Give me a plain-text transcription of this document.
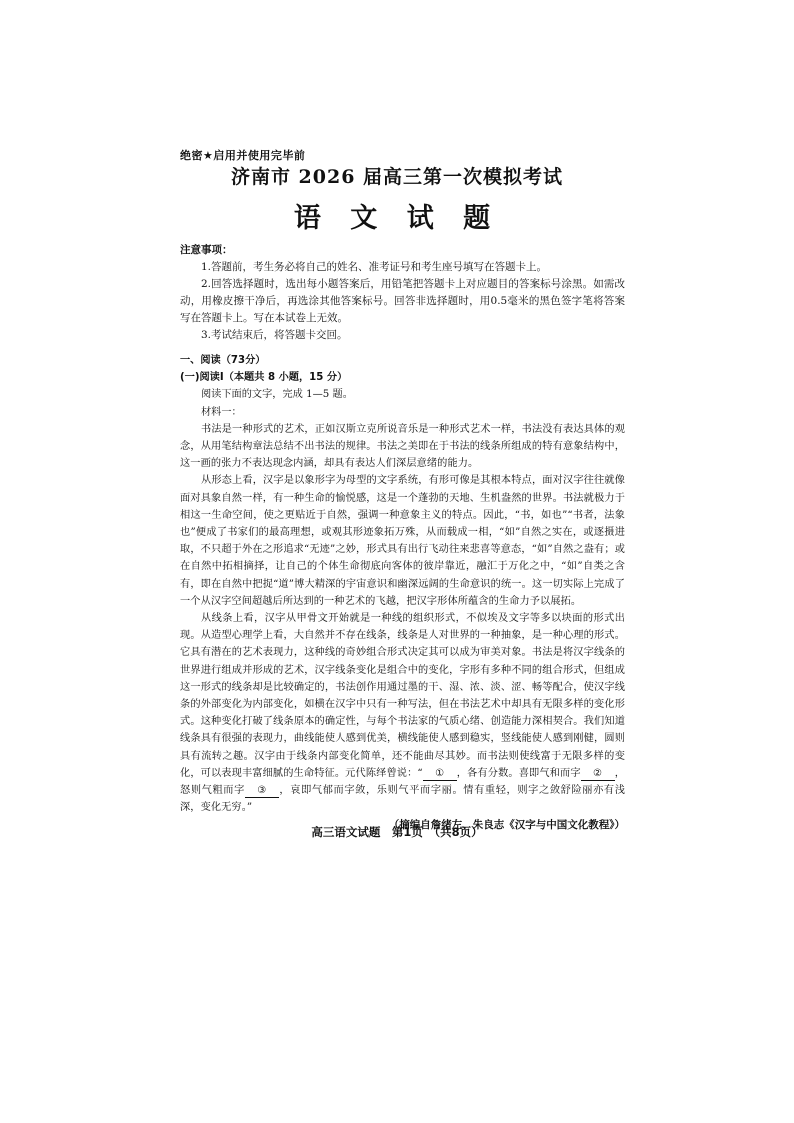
绝密★启用并使用完毕前
济南市 2026 届高三第一次模拟考试
语 文 试 题
注意事项：

1.答题前，考生务必将自己的姓名、准考证号和考生座号填写在答题卡上。

2.回答选择题时，选出每小题答案后，用铅笔把答题卡上对应题目的答案标号涂黑。如需改动，用橡皮擦干净后，再选涂其他答案标号。回答非选择题时，用0.5毫米的黑色签字笔将答案写在答题卡上。写在本试卷上无效。

3.考试结束后，将答题卡交回。

一、阅读（73分）

(一)阅读Ⅰ（本题共 8 小题，15 分）

阅读下面的文字，完成 1—5 题。

材料一：

书法是一种形式的艺术，正如汉斯立克所说音乐是一种形式艺术一样，书法没有表达具体的观念，从用笔结构章法总结不出书法的规律。书法之美即在于书法的线条所组成的特有意象结构中，这一画的张力不表达现念内涵，却具有表达人们深层意绪的能力。

从形态上看，汉字是以象形字为母型的文字系统，有形可像是其根本特点，面对汉字往往就像面对具象自然一样，有一种生命的愉悦感，这是一个蓬勃的天地、生机盎然的世界。书法就极力于相这一生命空间，使之更贴近于自然，强调一种意象主义的特点。因此，“书，如也”“书者，法象也”便成了书家们的最高理想，或观其形迹象拓万殊，从而载成一相，“如”自然之实在，或逐摄进取，不只超于外在之形追求“无迹”之妙，形式具有出行飞动往来悲喜等意态，“如”自然之盎有；或在自然中拓相摘择，让自己的个体生命彻底向客体的彼岸靠近，融汇于万化之中，“如”自类之含有，即在自然中把捉“道”博大精深的宇宙意识和幽深远阔的生命意识的统一。这一切实际上完成了一个从汉字空间超越后所达到的一种艺术的飞越，把汉字形体所蕴含的生命力予以展拓。

从线条上看，汉字从甲骨文开始就是一种线的组织形式，不似埃及文字等多以块面的形式出现。从造型心理学上看，大自然并不存在线条，线条是人对世界的一种抽象，是一种心理的形式。它具有潜在的艺术表现力，这种线的奇妙组合形式决定其可以成为审美对象。书法是将汉字线条的世界进行组成并形成的艺术，汉字线条变化是组合中的变化，字形有多种不同的组合形式，但组成这一形式的线条却是比较确定的，书法创作用通过墨的干、湿、浓、淡、涩、畅等配合，使汉字线条的外部变化为内部变化，如横在汉字中只有一种写法，但在书法艺术中却具有无限多样的变化形式。这种变化打破了线条原本的确定性，与每个书法家的气质心绪、创造能力深相契合。我们知道线条具有很强的表现力，曲线能使人感到优美，横线能使人感到稳实，竖线能使人感到刚健，圆则具有流转之趣。汉字由于线条内部变化简单，还不能曲尽其妙。而书法则使线富于无限多样的变化，可以表现丰富细腻的生命特征。元代陈绎曾说：“ ① ，各有分数。喜即气和而字 ② ，怒则气粗而字 ③ ，哀即气郁而字敛，乐则气平而字丽。情有重轻，则字之敛舒险丽亦有浅深，变化无穷。”

（摘编自詹绪左、朱良志《汉字与中国文化教程》）

高三语文试题　第1页　（共8页）
